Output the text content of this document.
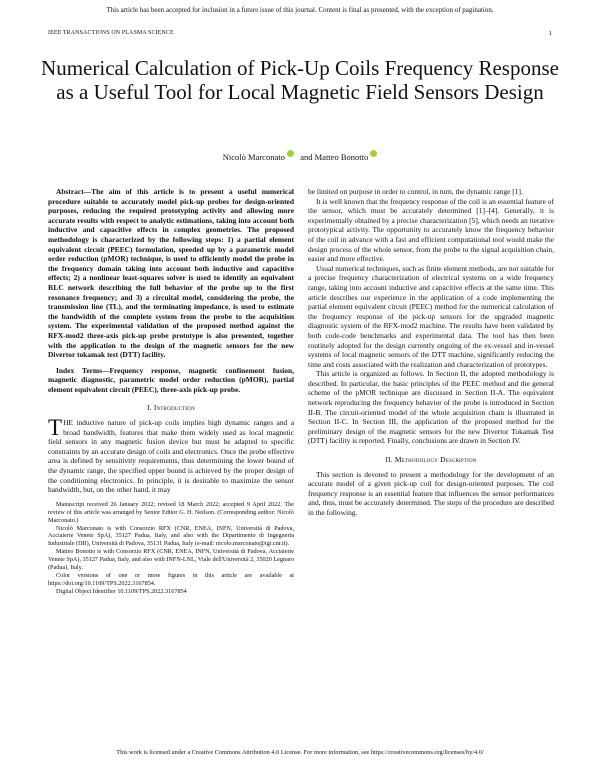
This article has been accepted for inclusion in a future issue of this journal. Content is final as presented, with the exception of pagination.
IEEE TRANSACTIONS ON PLASMA SCIENCE	1
Numerical Calculation of Pick-Up Coils Frequency Response as a Useful Tool for Local Magnetic Field Sensors Design
Nicolò Marconato and Matteo Bonotto

Abstract—The aim of this article is to present a useful numerical procedure suitable to accurately model pick-up probes for design-oriented purposes, reducing the required prototyping activity and allowing more accurate results with respect to analytic estimations, taking into account both inductive and capacitive effects in complex geometries. The proposed methodology is characterized by the following steps: 1) a partial element equivalent circuit (PEEC) formulation, speeded up by a parametric model order reduction (pMOR) technique, is used to efficiently model the probe in the frequency domain taking into account both inductive and capacitive effects; 2) a nonlinear least-squares solver is used to identify an equivalent RLC network describing the full behavior of the probe up to the first resonance frequency; and 3) a circuital model, considering the probe, the transmission line (TL), and the terminating impedance, is used to estimate the bandwidth of the complete system from the probe to the acquisition system. The experimental validation of the proposed method against the RFX-mod2 three-axis pick-up probe prototype is also presented, together with the application to the design of the magnetic sensors for the new Divertor tokamak test (DTT) facility.

Index Terms—Frequency response, magnetic confinement fusion, magnetic diagnostic, parametric model order reduction (pMOR), partial element equivalent circuit (PEEC), three-axis pick-up probe.

I. Introduction

THE inductive nature of pick-up coils implies high dynamic ranges and a broad bandwidth, features that make them widely used as local magnetic field sensors in any magnetic fusion device but must be adapted to specific constraints by an accurate design of coils and electronics. Once the probe effective area is defined by sensitivity requirements, thus determining the lower bound of the dynamic range, the specified upper bound is achieved by the proper design of the conditioning electronics. In principle, it is desirable to maximize the sensor bandwidth, but, on the other hand, it may

Manuscript received 26 January 2022; revised 18 March 2022; accepted 9 April 2022. The review of this article was arranged by Senior Editor G. H. Neilson. (Corresponding author: Nicolò Marconato.)

Nicolò Marconato is with Consorzio RFX (CNR, ENEA, INFN, Università di Padova, Acciaierie Venete SpA), 35127 Padua, Italy, and also with the Dipartimento di Ingegneria Industriale (DII), Università di Padova, 35131 Padua, Italy (e-mail: nicolo.marconato@igi.cnr.it).

Matteo Bonotto is with Consorzio RFX (CNR, ENEA, INFN, Università di Padova, Acciaierie Venete SpA), 35127 Padua, Italy, and also with INFN-LNL, Viale dell'Università 2, 35020 Legnaro (Padua), Italy.

Color versions of one or more figures in this article are available at https://doi.org/10.1109/TPS.2022.3167854.

Digital Object Identifier 10.1109/TPS.2022.3167854

be limited on purpose in order to control, in turn, the dynamic range [1].

It is well known that the frequency response of the coil is an essential feature of the sensor, which must be accurately determined [1]–[4]. Generally, it is experimentally obtained by a precise characterization [5], which needs an iterative prototypical activity. The opportunity to accurately know the frequency behavior of the coil in advance with a fast and efficient computational tool would make the design process of the whole sensor, from the probe to the signal acquisition chain, easier and more effective.

Usual numerical techniques, such as finite element methods, are not suitable for a precise frequency characterization of electrical systems on a wide frequency range, taking into account inductive and capacitive effects at the same time. This article describes our experience in the application of a code implementing the partial element equivalent circuit (PEEC) method for the numerical calculation of the frequency response of the pick-up sensors for the upgraded magnetic diagnostic system of the RFX-mod2 machine. The results have been validated by both code-code benchmarks and experimental data. The tool has then been routinely adopted for the design currently ongoing of the ex-vessel and in-vessel systems of local magnetic sensors of the DTT machine, significantly reducing the time and costs associated with the realization and characterization of prototypes.

This article is organized as follows. In Section II, the adopted methodology is described. In particular, the basic principles of the PEEC method and the general scheme of the pMOR technique are discussed in Section II-A. The equivalent network reproducing the frequency behavior of the probe is introduced in Section II-B. The circuit-oriented model of the whole acquisition chain is illustrated in Section II-C. In Section III, the application of the proposed method for the preliminary design of the magnetic sensors for the new Divertor Tokamak Test (DTT) facility is reported. Finally, conclusions are drawn in Section IV.

II. Methodology Description

This section is devoted to present a methodology for the development of an accurate model of a given pick-up coil for design-oriented purposes. The coil frequency response is an essential feature that influences the sensor performances and, thus, must be accurately determined. The steps of the procedure are described in the following.

This work is licensed under a Creative Commons Attribution 4.0 License. For more information, see https://creativecommons.org/licenses/by/4.0/
